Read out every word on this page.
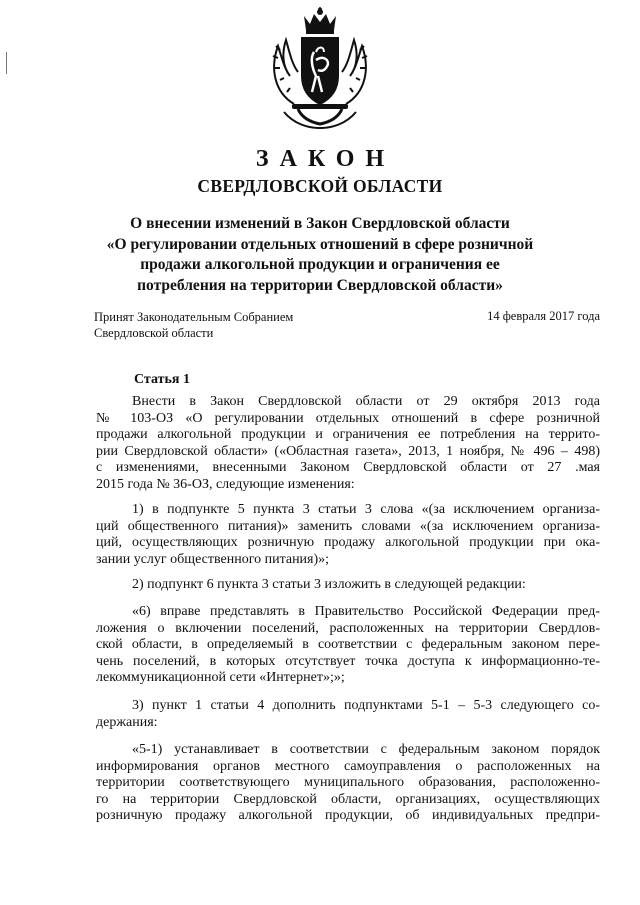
ЗАКОН
СВЕРДЛОВСКОЙ ОБЛАСТИ
О внесении изменений в Закон Свердловской области
«О регулировании отдельных отношений в сфере розничной
продажи алкогольной продукции и ограничения ее
потребления на территории Свердловской области»
Принят Законодательным Собранием
Свердловской области
14 февраля 2017 года
Статья 1

Внести в Закон Свердловской области от 29 октября 2013 года

№ 103-ОЗ «О регулировании отдельных отношений в сфере розничной

продажи алкогольной продукции и ограничения ее потребления на террито-

рии Свердловской области» («Областная газета», 2013, 1 ноября, № 496 – 498)

с изменениями, внесенными Законом Свердловской области от 27 .мая

2015 года № 36-ОЗ, следующие изменения:

1) в подпункте 5 пункта 3 статьи 3 слова «(за исключением организа-

ций общественного питания)» заменить словами «(за исключением организа-

ций, осуществляющих розничную продажу алкогольной продукции при ока-

зании услуг общественного питания)»;

2) подпункт 6 пункта 3 статьи 3 изложить в следующей редакции:

«6) вправе представлять в Правительство Российской Федерации пред-

ложения о включении поселений, расположенных на территории Свердлов-

ской области, в определяемый в соответствии с федеральным законом пере-

чень поселений, в которых отсутствует точка доступа к информационно-те-

лекоммуникационной сети «Интернет»;»;

3) пункт 1 статьи 4 дополнить подпунктами 5-1 – 5-3 следующего со-

держания:

«5-1) устанавливает в соответствии с федеральным законом порядок

информирования органов местного самоуправления о расположенных на

территории соответствующего муниципального образования, расположенно-

го на территории Свердловской области, организациях, осуществляющих

розничную продажу алкогольной продукции, об индивидуальных предпри-
